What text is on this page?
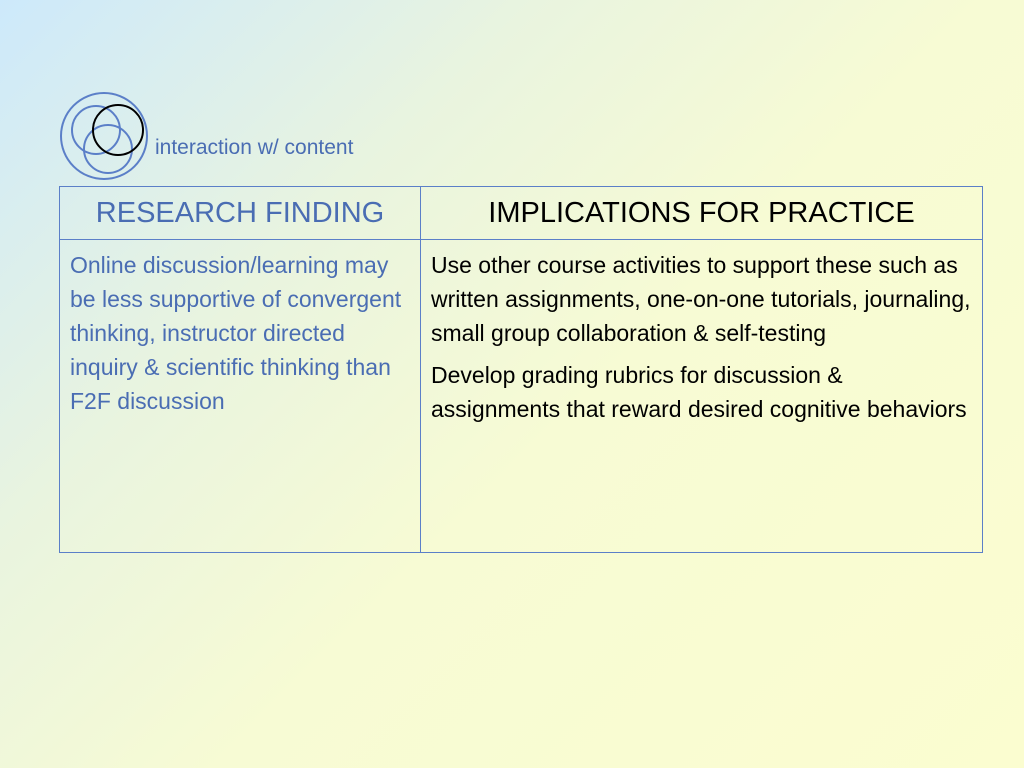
interaction w/ content
RESEARCH FINDING	IMPLICATIONS FOR PRACTICE
Online discussion/learning may be less supportive of convergent thinking, instructor directed inquiry & scientific thinking than F2F discussion	Use other course activities to support these such as written assignments, one-on-one tutorials, journaling, small group collaboration & self-testing

Develop grading rubrics for discussion & assignments that reward desired cognitive behaviors
